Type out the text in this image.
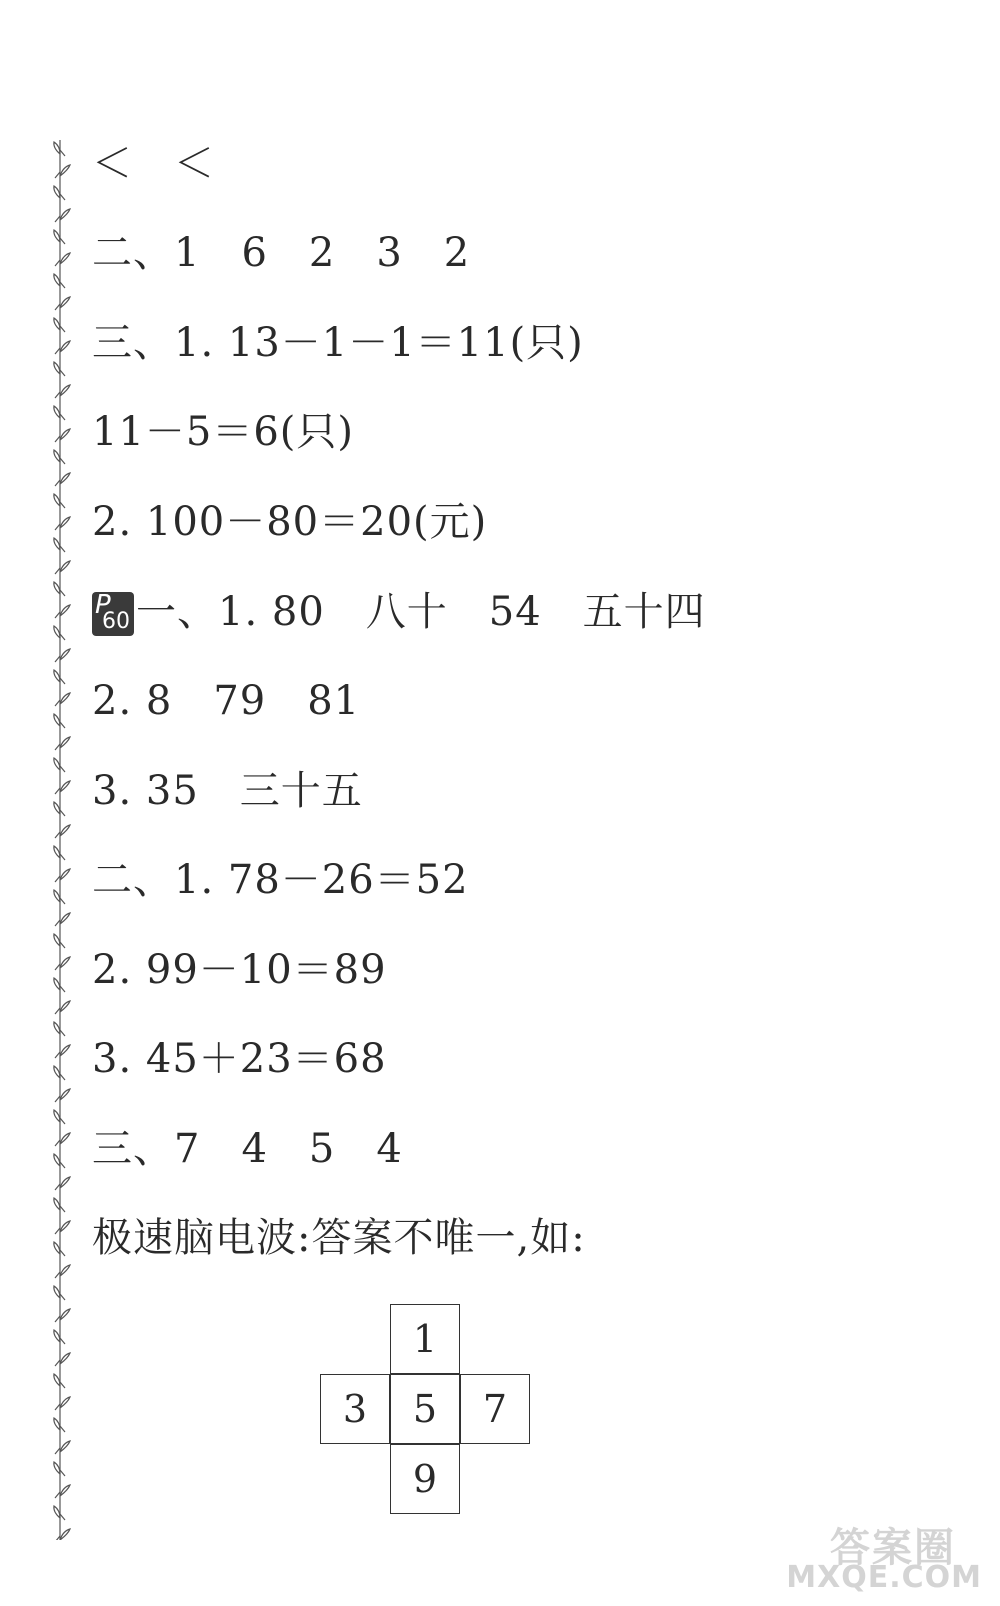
＜　＜
二、1　6　2　3　2
三、1. 13－1－1＝11(只)
11－5＝6(只)
2. 100－80＝20(元)
P
60 一、1. 80　八十　54　五十四
2. 8　79　81
3. 35　三十五
二、1. 78－26＝52
2. 99－10＝89
3. 45＋23＝68
三、7　4　5　4
极速脑电波:答案不唯一,如:
1
3	5	7
9
答案圈
MXQE.COM
